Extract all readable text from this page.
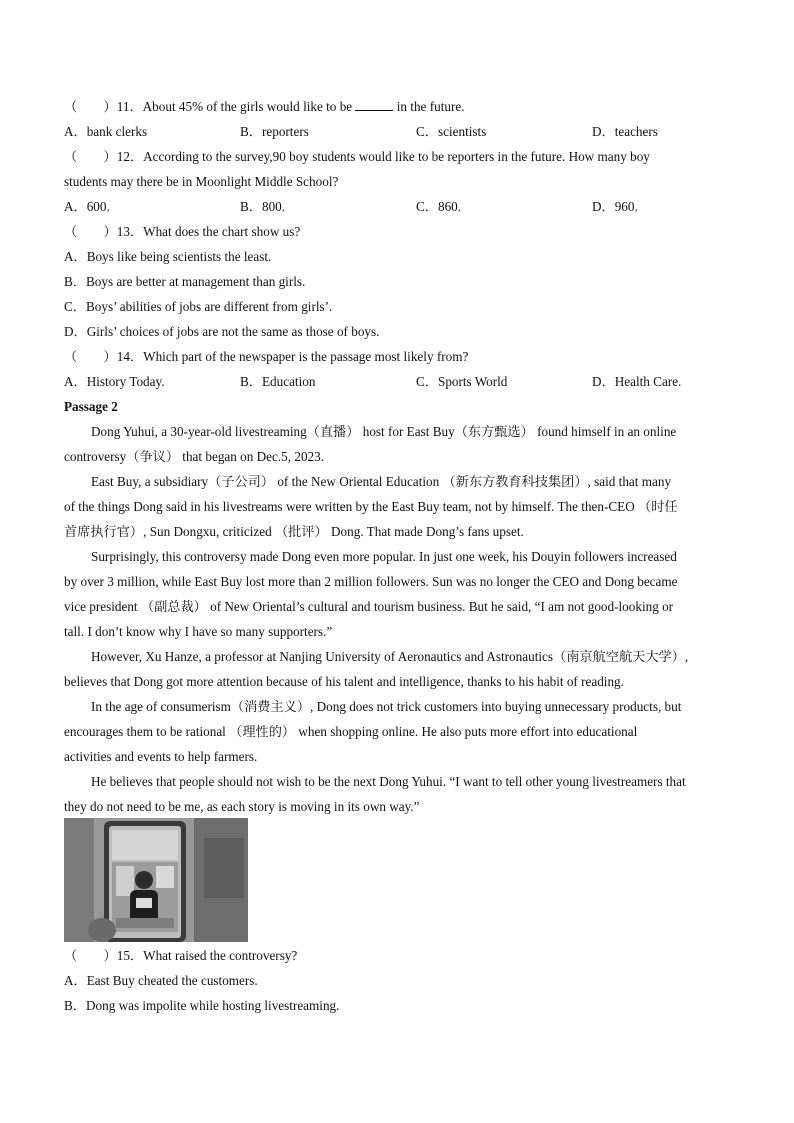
（　　）11．About 45% of the girls would like to be	in the future.
A．bank clerks	B．reporters	C．scientists	D．teachers
（　　）12．According to the survey,90 boy students would like to be reporters in the future. How many boy
students may there be in Moonlight Middle School?
A．600.	B．800.	C．860.	D．960.
（　　）13．What does the chart show us?
A．Boys like being scientists the least.
B．Boys are better at management than girls.
C．Boys’ abilities of jobs are different from girls’.
D．Girls’ choices of jobs are not the same as those of boys.
（　　）14．Which part of the newspaper is the passage most likely from?
A．History Today.	B．Education	C．Sports World	D．Health Care.
Passage 2
Dong Yuhui, a 30-year-old livestreaming（直播） host for East Buy（东方甄选） found himself in an online
controversy（争议） that began on Dec.5, 2023.
East Buy, a subsidiary（子公司） of the New Oriental Education （新东方教育科技集团）, said that many
of the things Dong said in his livestreams were written by the East Buy team, not by himself. The then-CEO （时任
首席执行官）, Sun Dongxu, criticized （批评） Dong. That made Dong’s fans upset.
Surprisingly, this controversy made Dong even more popular. In just one week, his Douyin followers increased
by over 3 million, while East Buy lost more than 2 million followers. Sun was no longer the CEO and Dong became
vice president （副总裁） of New Oriental’s cultural and tourism business. But he said, “I am not good-looking or
tall. I don’t know why I have so many supporters.”
However, Xu Hanze, a professor at Nanjing University of Aeronautics and Astronautics（南京航空航天大学）,
believes that Dong got more attention because of his talent and intelligence, thanks to his habit of reading.
In the age of consumerism（消费主义）, Dong does not trick customers into buying unnecessary products, but
encourages them to be rational （理性的） when shopping online. He also puts more effort into educational
activities and events to help farmers.
He believes that people should not wish to be the next Dong Yuhui. “I want to tell other young livestreamers that
they do not need to be me, as each story is moving in its own way.”
（　　）15．What raised the controversy?
A．East Buy cheated the customers.
B．Dong was impolite while hosting livestreaming.
